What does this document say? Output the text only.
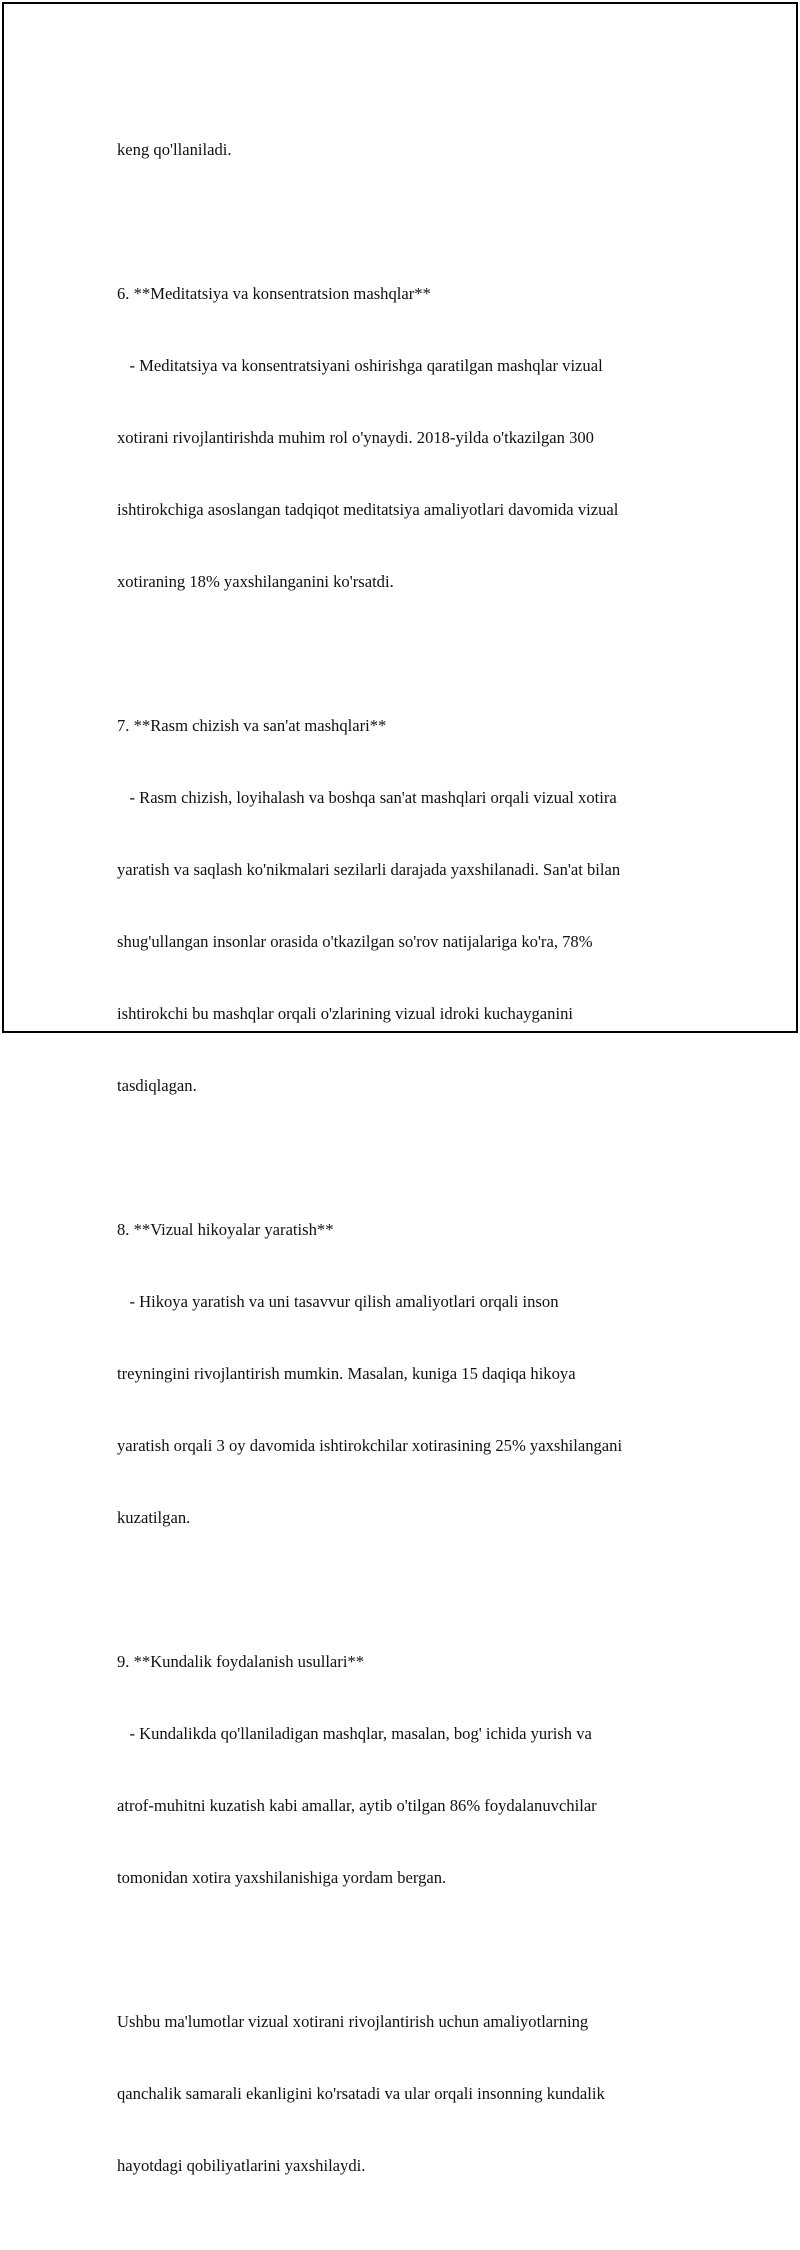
keng qo'llaniladi.

6. **Meditatsiya va konsentratsion mashqlar**

- Meditatsiya va konsentratsiyani oshirishga qaratilgan mashqlar vizual

xotirani rivojlantirishda muhim rol o'ynaydi. 2018-yilda o'tkazilgan 300

ishtirokchiga asoslangan tadqiqot meditatsiya amaliyotlari davomida vizual

xotiraning 18% yaxshilanganini ko'rsatdi.

7. **Rasm chizish va san'at mashqlari**

- Rasm chizish, loyihalash va boshqa san'at mashqlari orqali vizual xotira

yaratish va saqlash ko'nikmalari sezilarli darajada yaxshilanadi. San'at bilan

shug'ullangan insonlar orasida o'tkazilgan so'rov natijalariga ko'ra, 78%

ishtirokchi bu mashqlar orqali o'zlarining vizual idroki kuchayganini

tasdiqlagan.

8. **Vizual hikoyalar yaratish**

- Hikoya yaratish va uni tasavvur qilish amaliyotlari orqali inson

treyningini rivojlantirish mumkin. Masalan, kuniga 15 daqiqa hikoya

yaratish orqali 3 oy davomida ishtirokchilar xotirasining 25% yaxshilangani

kuzatilgan.

9. **Kundalik foydalanish usullari**

- Kundalikda qo'llaniladigan mashqlar, masalan, bog' ichida yurish va

atrof-muhitni kuzatish kabi amallar, aytib o'tilgan 86% foydalanuvchilar

tomonidan xotira yaxshilanishiga yordam bergan.

Ushbu ma'lumotlar vizual xotirani rivojlantirish uchun amaliyotlarning

qanchalik samarali ekanligini ko'rsatadi va ular orqali insonning kundalik

hayotdagi qobiliyatlarini yaxshilaydi.
